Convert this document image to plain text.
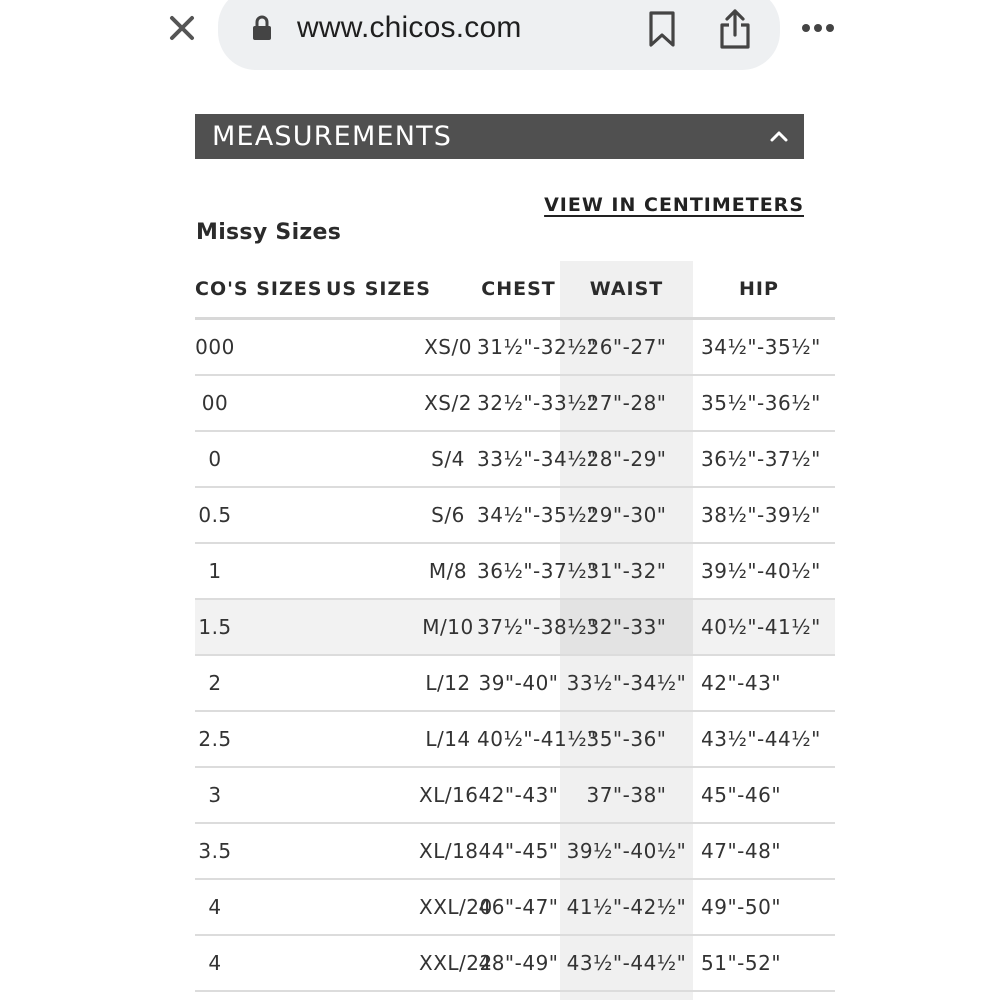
www.chicos.com
MEASUREMENTS
VIEW IN CENTIMETERS
Missy Sizes
CO'S SIZES	US SIZES	CHEST	WAIST	HIP
000	XS/0	31½"-32½"	26"-27"	34½"-35½"
00	XS/2	32½"-33½"	27"-28"	35½"-36½"
0	S/4	33½"-34½"	28"-29"	36½"-37½"
0.5	S/6	34½"-35½"	29"-30"	38½"-39½"
1	M/8	36½"-37½"	31"-32"	39½"-40½"
1.5	M/10	37½"-38½"	32"-33"	40½"-41½"
2	L/12	39"-40"	33½"-34½"	42"-43"
2.5	L/14	40½"-41½"	35"-36"	43½"-44½"
3	XL/16	42"-43"	37"-38"	45"-46"
3.5	XL/18	44"-45"	39½"-40½"	47"-48"
4	XXL/20	46"-47"	41½"-42½"	49"-50"
4	XXL/22	48"-49"	43½"-44½"	51"-52"
